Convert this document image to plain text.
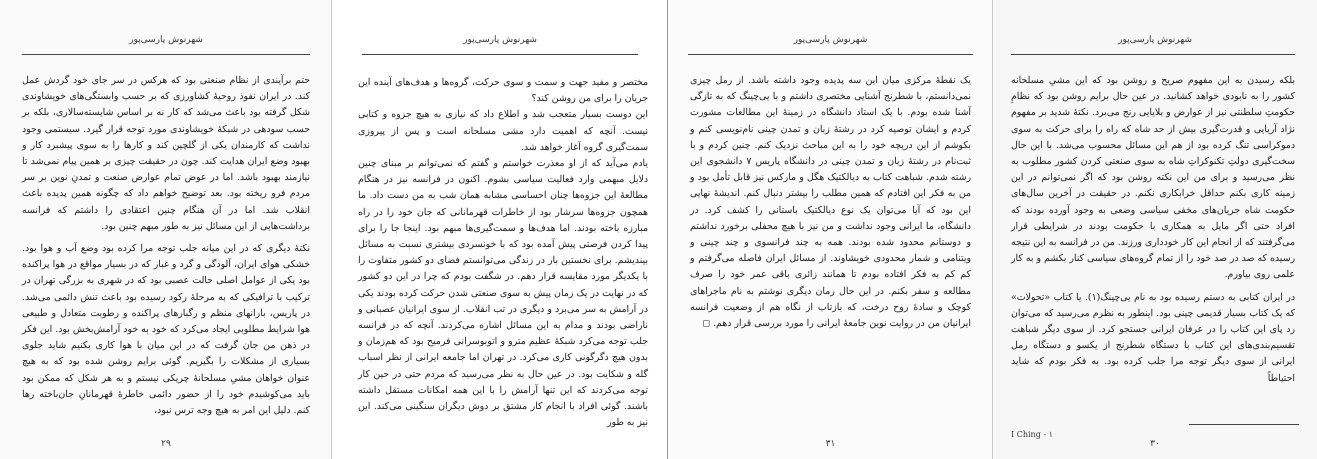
شهرنوش پارسی‌پور

حتم برآیندی از نظام صنعتی بود که هرکس در سر جای خود گردش عمل کند. در ایران نفوذ روحیهٔ کشاورزی که بر حسب وابستگی‌های خویشاوندی شکل گرفته بود باعث می‌شد که کار نه بر اساس شایسته‌سالاری، بلکه بر حسب سودهی در شبکهٔ خویشاوندی مورد توجه قرار گیرد. سیستمی وجود نداشت که کارمندان یکی از گلچین کند و کارها را به سوی پیشبرد کار و بهبود وضع ایران هدایت کند. چون در حقیقت چیزی بر همین پیام نمی‌شد تا نیازمند بهبود باشد. اما در عوض تمام عوارض صنعت و تمدنِ نوین بر سر مردم فرو ریخته بود. بعد توضیح خواهم داد که چگونه همین پدیده باعث انقلاب شد. اما در آن هنگام چنین اعتقادی را داشتم که فرانسه برداشت‌هایی از این مسائل نیز به طور مبهم چنین بود.

نکتهٔ دیگری که در این میانه جلب توجه مرا کرده بود وضع آب و هوا بود. خشکی هوای ایران، آلودگی و گرد و غبار که در بسیار مواقع در هوا پراکنده بود یکی از عوامل اصلی حالت عصبی بود که در شهری به بزرگی تهران در ترکیب با ترافیکی که به مرحلهٔ رکود رسیده بود باعث تنش دائمی می‌شد. در پاریس، بارانهای منظم و رگبارهای پراکنده و رطوبت متعادل و طبیعی هوا شرایط مطلوبی ایجاد می‌کرد که خود به خود آرامش‌بخش بود. این فکر در ذهن من جان گرفت که در این میان با هوا کاری بکنیم شاید جلوی بسیاری از مشکلات را بگیریم. گوئی برایم روشن شده بود که به هیچ عنوان خواهان مشیِ مسلحانهٔ چریکی نیستم و به هر شکل که ممکن بود باید می‌کوشیدم خود را از حضور دائمی خاطرهٔ قهرمانانِ جان‌باخته رها کنم. دلیل این امر به هیچ وجه ترس نبود،

۲۹
شهرنوش پارسی‌پور

مختصر و مفید جهت و سمت و سوی حرکت، گروه‌ها و هدف‌های آینده این جریان را برای من روشن کند؟

این دوست بسیار متعجب شد و اطلاع داد که نیازی به هیچ جزوه و کتابی نیست. آنچه که اهمیت دارد مشی مسلحانه است و پس از پیروزی سمت‌گیری گروه آغاز خواهد شد.

یادم می‌آید که از او معذرت خواستم و گفتم که نمی‌توانم بر مبنای چنین دلایل مبهمی وارد فعالیت سیاسی بشوم. اکنون در فرانسه نیز در هنگام مطالعهٔ این جزوه‌ها چنان احساسی مشابه همان شب به من دست داد. ما همچون جزوه‌ها سرشار بود از خاطرات قهرمانانی که جان خود را در راه مبارزه باخته بودند. اما هدف‌ها و سمت‌گیری‌ها مبهم بود. اینجا جا را برای پیدا کردن فرصتی پیش آمده بود که با خونسردی بیشتری نسبت به مسائل بیندیشم. برای نخستین بار در زندگی می‌توانستم فضای دو کشور متفاوت را با یکدیگر مورد مقایسه قرار دهم. در شگفت بودم که چرا در این دو کشور که در نهایت در یک زمان پیش به سوی صنعتی شدن حرکت کرده بودند یکی در آرامش به سر می‌برد و دیگری در تب انقلاب. از سوی ایرانیان عصبانی و ناراضی بودند و مدام به این مسائل اشاره می‌کردند. آنچه که در فرانسه جلب توجه می‌کرد شبکهٔ عظیم مترو و اتوبوسرانی فرمیح بود که هم‌زمان و بدون هیچ دگرگونی کاری می‌کرد. در تهران اما جامعه ایرانی از نظر اسباب گله و شکایت بود. در عین حال به نظر می‌رسید که مردم حتی در حین کار توجه می‌کردند که این تنها آرامش را با این همه امکانات مستقل داشته باشند. گوئی افراد با انجام کار مشتق بر دوش دیگران سنگینی می‌کند. این نیز به طور

شهرنوش پارسی‌پور

یک نقطهٔ مرکزی میان این سه پدیده وجود داشته باشد. از رمل چیزی نمی‌دانستم، با شطرنج آشنایی مختصری داشتم و با یی‌چینگ که به تازگی آشنا شده بودم. با یک استاد دانشگاه در زمینهٔ این مطالعات مشورت کردم و ایشان توصیه کرد در رشتهٔ زبان و تمدن چینی نام‌نویسی کنم و بکوشم از این دریچه خود را به این مباحث نزدیک کنم. چنین کردم و با ثبت‌نام در رشته‌ٔ زبان و تمدن چینی در دانشگاه پاریس ۷ دانشجوی این رشته شدم. شباهت کتاب به دیالکتیک هگل و مارکس نیز قابل تأمل بود و من به فکر این افتادم که همین مطلب را بیشتر دنبال کنم. اندیشهٔ نهایی این بود که آیا می‌توان یک نوع دیالکتیک باستانی را کشف کرد. در دانشگاه، ما ایرانی وجود نداشت و من نیز با هیچ محفلی برخورد نداشتم و دوستانم محدود شده بودند. همه به چند فرانسوی و چند چینی و ویتنامی و شمار محدودی خویشاوند. از مسائل ایران فاصله می‌گرفتم و کم کم به فکر افتاده بودم تا همانند زائری باقی عمر خود را صرف مطالعه و سفر بکنم. در این حال رمان دیگری نوشتم به نام ماجراهای کوچک و سادهٔ روح درخت، که بازتاب از نگاه هم از وضعیت فرانسه ایرانیان من در روایت نوین جامعهٔ ایرانی را مورد بررسی قرار دهم. ◻

۳۱
شهرنوش پارسی‌پور

بلکه رسیدن به این مفهوم صریح و روشن بود که این مشیِ مسلحانه کشور را به نابودی خواهد کشانید. در عین حال برایم روشن بود که نظامِ حکومتِ سلطنتی نیز از عوارض و بلایایی رنج می‌برد. نکته‌ٔ شدید بر مفهوم نژاد آریایی و قدرت‌گیری بیش از حد شاه که راه را برای حرکت به سوی دموکراسی تنگ کرده بود از هم این مسائل محسوب می‌شد. با این حال سخت‌گیری دولتِ تکنوکراتِ شاه به سوی صنعتی کردن کشور مطلوب به نظر می‌رسید و برای من این نکته روشن بود که اگر نمی‌توانم در این زمینه کاری بکنم حداقل خرابکاری نکنم. در حقیقت در آخرین سال‌های حکومت شاه جریان‌های مخفی سیاسی وضعی به وجود آورده بودند که افراد حتی اگر مایل به همکاری با حکومت بودند در شرایطی قرار می‌گرفتند که از انجام این کار خودداری ورزند. من در فرانسه به این نتیجه رسیده که صد در صد خود را از تمام گروه‌های سیاسی کنار بکشم و به کار علمی روی بیاورم.

در ایران کتابی به دستم رسیده بود به نام یی‌چینگ(۱). یا کتاب «تحولات» که یک کتاب بسیار قدیمی چینی بود. اینطور به نظرم می‌رسید که می‌توان رد پای این کتاب را در عرفان ایرانی جستجو کرد. از سوی دیگر شباهت تقسیم‌بندی‌های این کتاب با دستگاه شطرنج از یکسو و دستگاه رمل ایرانی از سوی دیگر توجه مرا جلب کرده بود. به فکر بودم که شاید احتیاطاً

I Ching - ۱
۳۰
